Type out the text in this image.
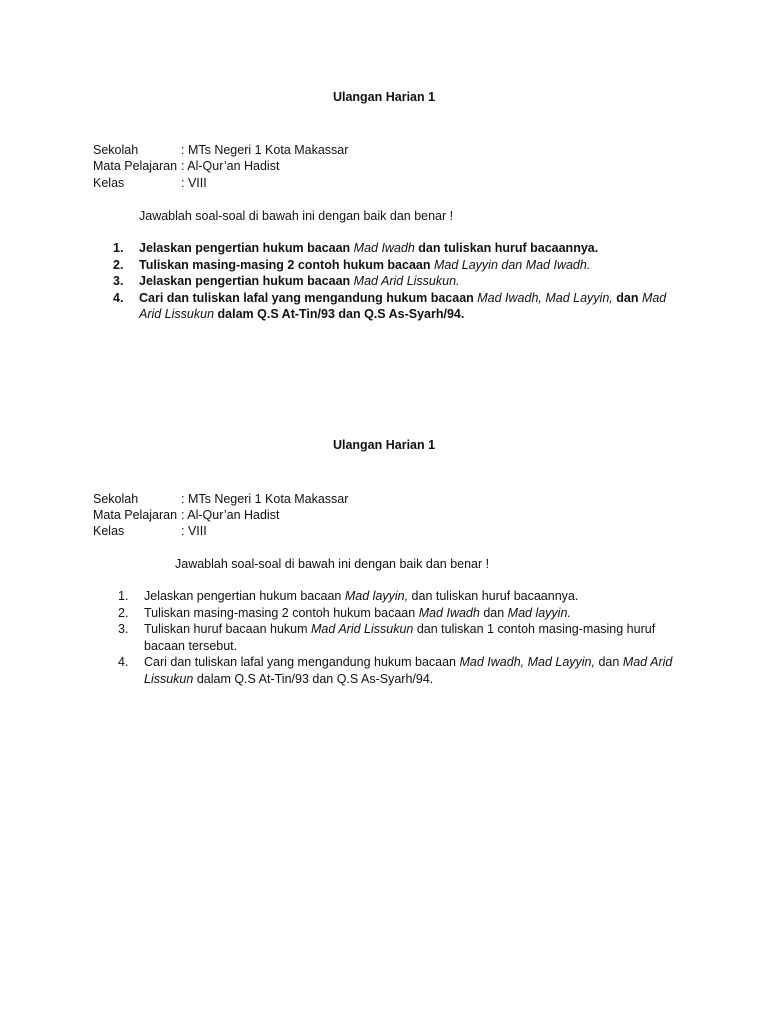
Ulangan Harian 1
Sekolah	: MTs Negeri 1 Kota Makassar
Mata Pelajaran : Al-Qur’an Hadist
Kelas	: VIII
Jawablah soal-soal di bawah ini dengan baik dan benar !
1.	Jelaskan pengertian hukum bacaan Mad Iwadh dan tuliskan huruf bacaannya.
2.	Tuliskan masing-masing 2 contoh hukum bacaan Mad Layyin dan Mad Iwadh.
3.	Jelaskan pengertian hukum bacaan Mad Arid Lissukun.
4.	Cari dan tuliskan lafal yang mengandung hukum bacaan Mad Iwadh, Mad Layyin, dan Mad Arid Lissukun dalam Q.S At-Tin/93 dan Q.S As-Syarh/94.
Ulangan Harian 1
Sekolah	: MTs Negeri 1 Kota Makassar
Mata Pelajaran : Al-Qur’an Hadist
Kelas	: VIII
Jawablah soal-soal di bawah ini dengan baik dan benar !
1.	Jelaskan pengertian hukum bacaan Mad layyin, dan tuliskan huruf bacaannya.
2.	Tuliskan masing-masing 2 contoh hukum bacaan Mad Iwadh dan Mad layyin.
3.	Tuliskan huruf bacaan hukum Mad Arid Lissukun dan tuliskan 1 contoh masing-masing huruf bacaan tersebut.
4.	Cari dan tuliskan lafal yang mengandung hukum bacaan Mad Iwadh, Mad Layyin, dan Mad Arid Lissukun dalam Q.S At-Tin/93 dan Q.S As-Syarh/94.
